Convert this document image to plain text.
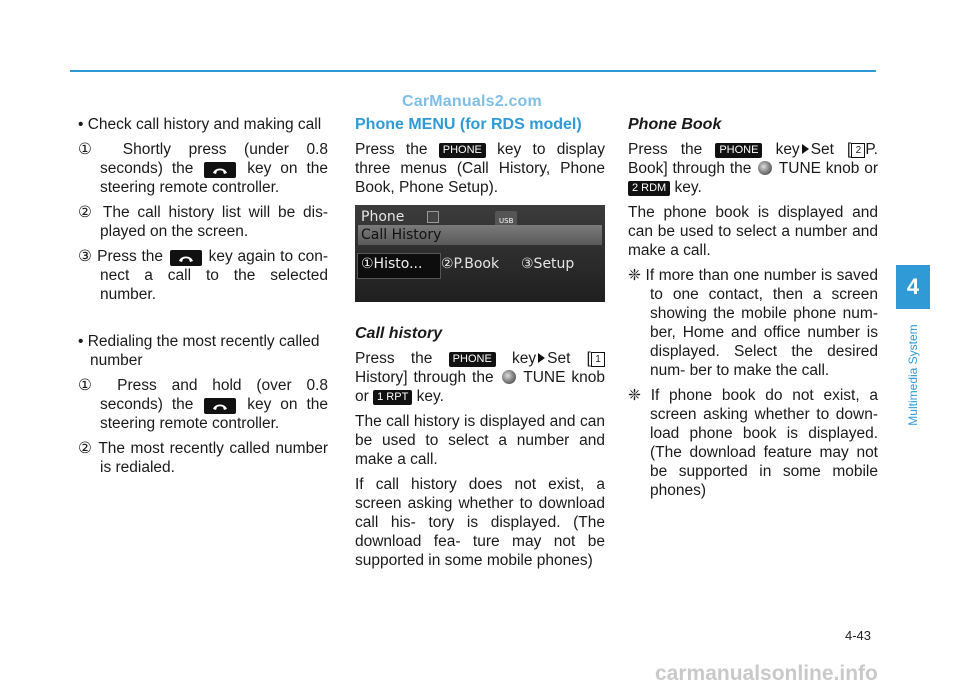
CarManuals2.com

• Check call history and making call

① Shortly press (under 0.8 seconds) the	key on the steering remote controller.

② The call history list will be dis- played on the screen.

③ Press the	key again to con- nect a call to the selected number.

• Redialing the most recently called number

① Press and hold (over 0.8 seconds) the	key on the steering remote controller.

② The most recently called number is redialed.

Phone MENU (for RDS model)

Press the PHONE key to display three menus (Call History, Phone Book, Phone Setup).

Phone	USB
Call History
①Histo... ②P.Book ③Setup

Call history

Press the PHONE key Set [ 1 History] through the TUNE knob or 1 RPT key.

The call history is displayed and can be used to select a number and make a call.

If call history does not exist, a screen asking whether to download call his- tory is displayed. (The download fea- ture may not be supported in some mobile phones)

Phone Book

Press the PHONE key Set [ 2 P. Book] through the TUNE knob or 2 RDM key.

The phone book is displayed and can be used to select a number and make a call.

❈ If more than one number is saved to one contact, then a screen showing the mobile phone num- ber, Home and office number is displayed. Select the desired num- ber to make the call.

❈ If phone book do not exist, a screen asking whether to down- load phone book is displayed. (The download feature may not be supported in some mobile phones)

4
Multimedia System
4-43
carmanualsonline.info
